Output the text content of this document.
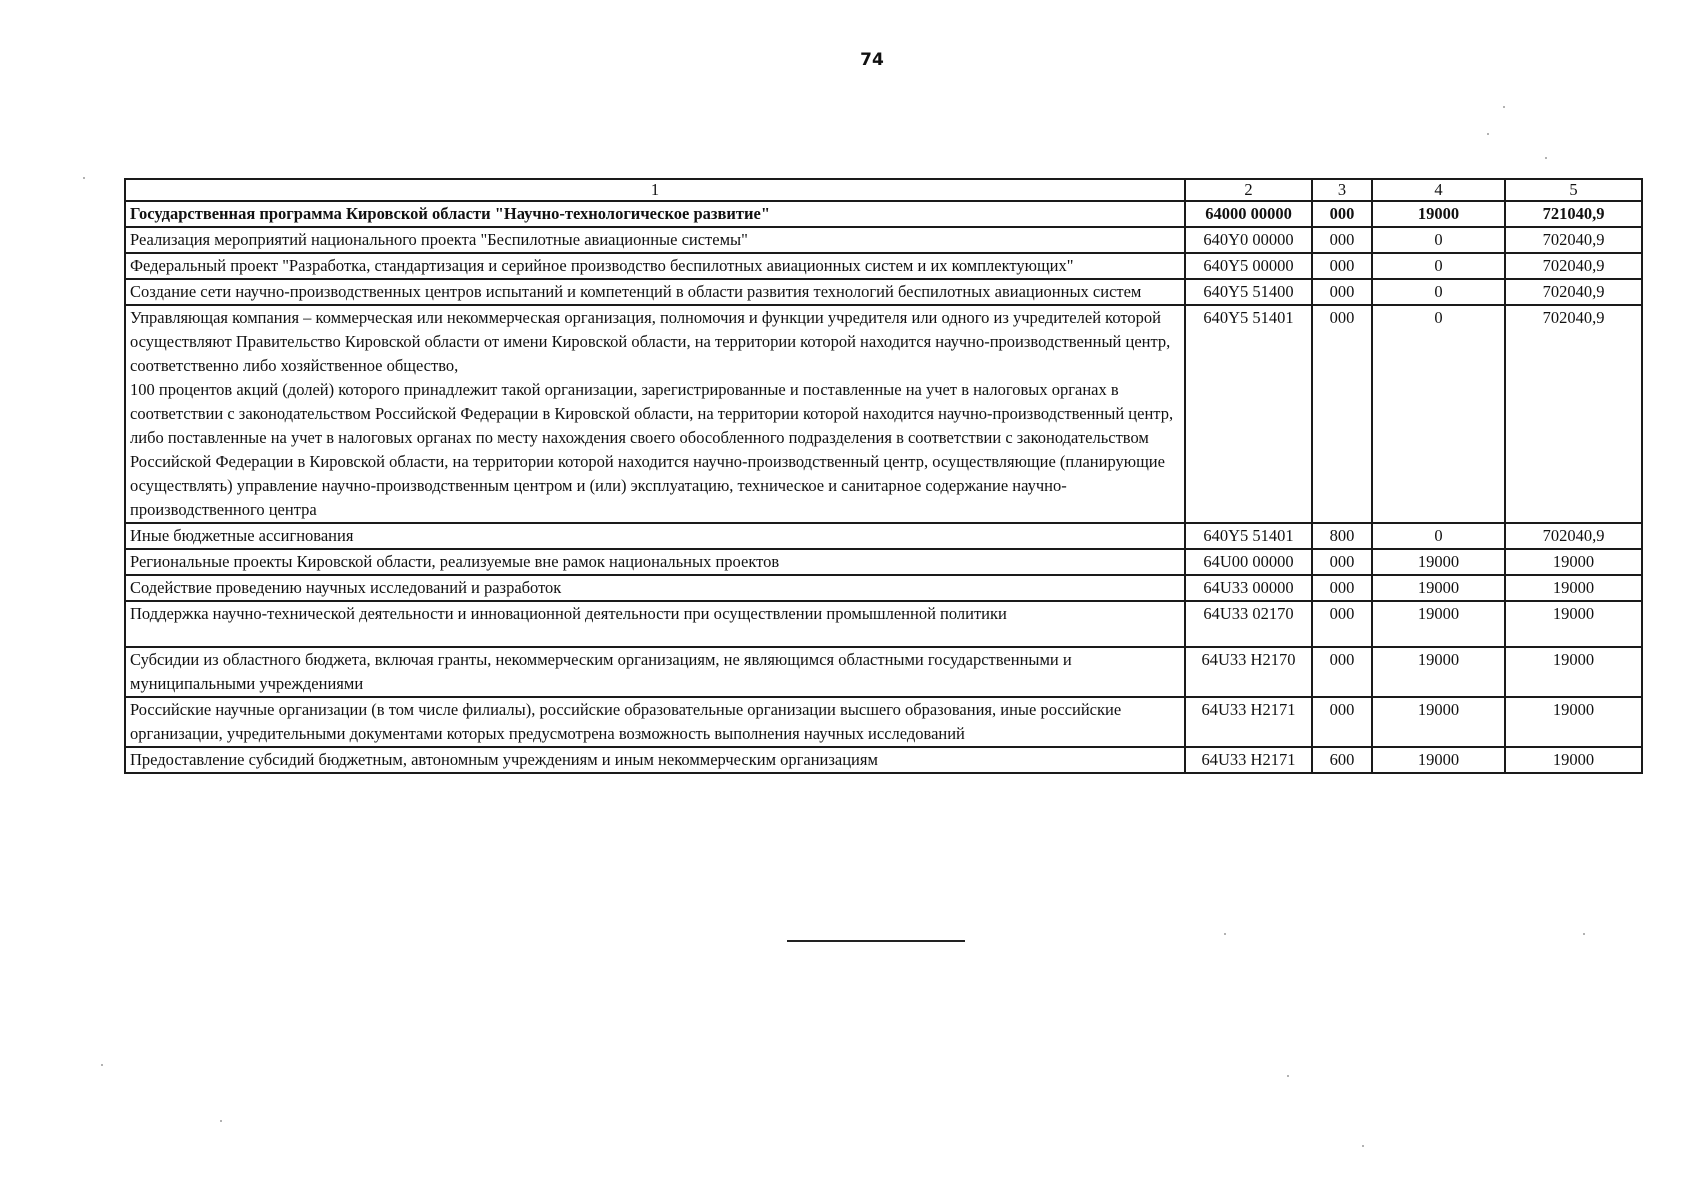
74
1	2	3	4	5
Государственная программа Кировской области "Научно-технологическое развитие"	64000 00000	000	19000	721040,9
Реализация мероприятий национального проекта "Беспилотные авиационные системы"	640Y0 00000	000	0	702040,9
Федеральный проект "Разработка, стандартизация и серийное производство беспилотных авиационных систем и их комплектующих"	640Y5 00000	000	0	702040,9
Создание сети научно-производственных центров испытаний и компетенций в области развития технологий беспилотных авиационных систем	640Y5 51400	000	0	702040,9
Управляющая компания – коммерческая или некоммерческая организация, полномочия и функции учредителя или одного из учредителей которой осуществляют Правительство Кировской области от имени Кировской области, на территории которой находится научно-производственный центр, соответственно либо хозяйственное общество,
100 процентов акций (долей) которого принадлежит такой организации, зарегистрированные и поставленные на учет в налоговых органах в соответствии с законодательством Российской Федерации в Кировской области, на территории которой находится научно-производственный центр, либо поставленные на учет в налоговых органах по месту нахождения своего обособленного подразделения в соответствии с законодательством Российской Федерации в Кировской области, на территории которой находится научно-производственный центр, осуществляющие (планирующие осуществлять) управление научно-производственным центром и (или) эксплуатацию, техническое и санитарное содержание научно-производственного центра	640Y5 51401	000	0	702040,9
Иные бюджетные ассигнования	640Y5 51401	800	0	702040,9
Региональные проекты Кировской области, реализуемые вне рамок национальных проектов	64U00 00000	000	19000	19000
Содействие проведению научных исследований и разработок	64U33 00000	000	19000	19000
Поддержка научно-технической деятельности и инновационной деятельности при осуществлении промышленной политики	64U33 02170	000	19000	19000
Субсидии из областного бюджета, включая гранты, некоммерческим организациям, не являющимся областными государственными и муниципальными учреждениями	64U33 H2170	000	19000	19000
Российские научные организации (в том числе филиалы), российские образовательные организации высшего образования, иные российские организации, учредительными документами которых предусмотрена возможность выполнения научных исследований	64U33 H2171	000	19000	19000
Предоставление субсидий бюджетным, автономным учреждениям и иным некоммерческим организациям	64U33 H2171	600	19000	19000
